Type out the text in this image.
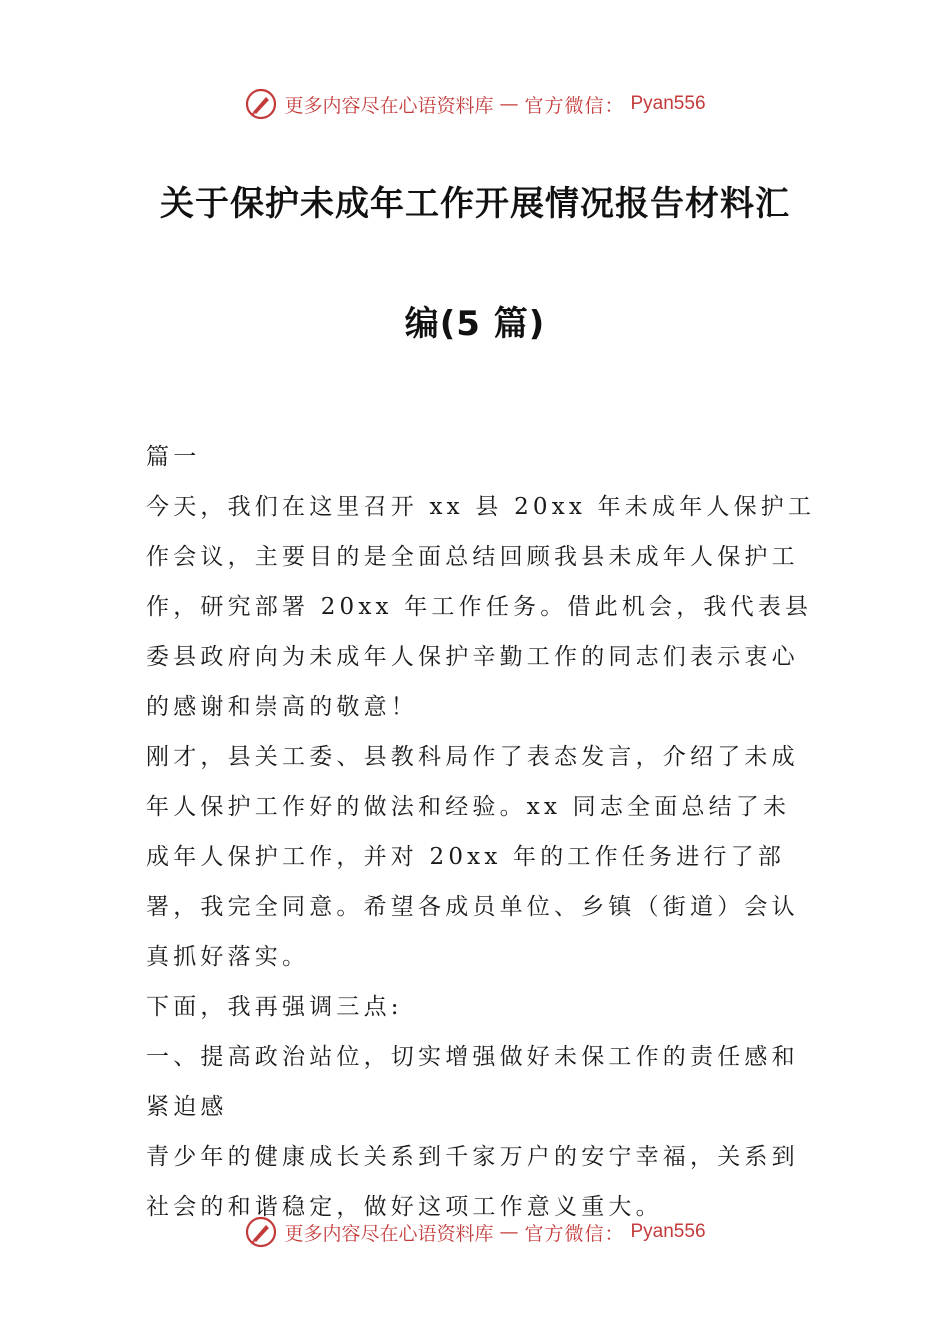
更多内容尽在心语资料库 — 官方微信： Pyan556
关于保护未成年工作开展情况报告材料汇
编(5 篇)

篇一

今天，我们在这里召开 xx 县 20xx 年未成年人保护工作会议，主要目的是全面总结回顾我县未成年人保护工作，研究部署 20xx 年工作任务。借此机会，我代表县委县政府向为未成年人保护辛勤工作的同志们表示衷心的感谢和崇高的敬意！

刚才，县关工委、县教科局作了表态发言，介绍了未成年人保护工作好的做法和经验。xx 同志全面总结了未成年人保护工作，并对 20xx 年的工作任务进行了部署，我完全同意。希望各成员单位、乡镇（街道）会认真抓好落实。

下面，我再强调三点:

一、提高政治站位，切实增强做好未保工作的责任感和紧迫感

青少年的健康成长关系到千家万户的安宁幸福，关系到社会的和谐稳定，做好这项工作意义重大。

更多内容尽在心语资料库 — 官方微信： Pyan556
